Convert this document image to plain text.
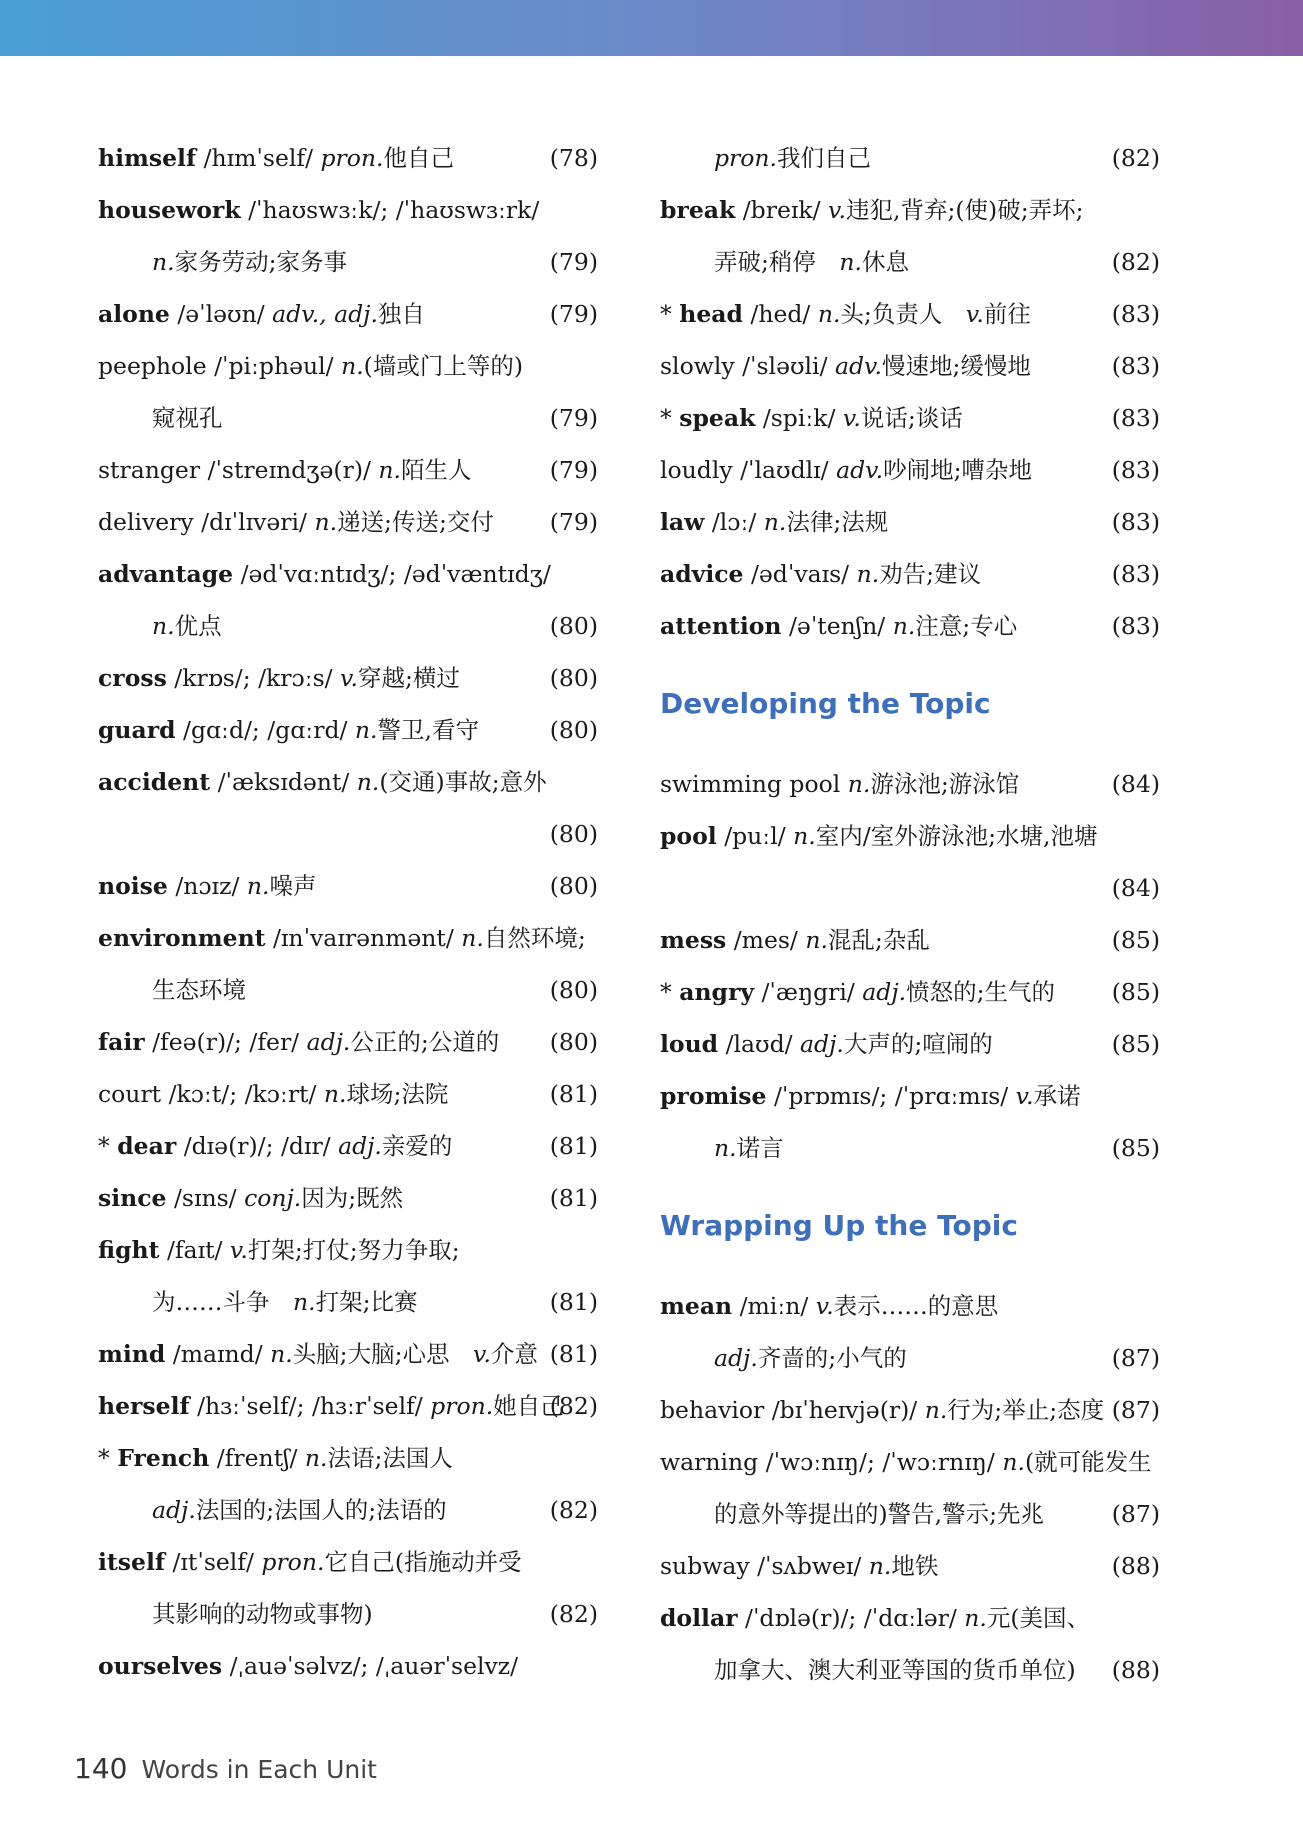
himself /hɪmˈself/ pron.他自己	(78)
housework /ˈhaʊswɜːk/; /ˈhaʊswɜːrk/
n.家务劳动;家务事	(79)
alone /əˈləʊn/ adv., adj.独自	(79)
peephole /ˈpiːphəul/ n.(墙或门上等的)
窥视孔	(79)
stranger /ˈstreɪndʒə(r)/ n.陌生人	(79)
delivery /dɪˈlɪvəri/ n.递送;传送;交付 (79)
advantage /ədˈvɑːntɪdʒ/; /ədˈvæntɪdʒ/
n.优点	(80)
cross /krɒs/; /krɔːs/ v.穿越;横过	(80)
guard /gɑːd/; /gɑːrd/ n.警卫,看守	(80)
accident /ˈæksɪdənt/ n.(交通)事故;意外
(80)
noise /nɔɪz/ n.噪声	(80)
environment /ɪnˈvaɪrənmənt/ n.自然环境;
生态环境	(80)
fair /feə(r)/; /fer/ adj.公正的;公道的 (80)
court /kɔːt/; /kɔːrt/ n.球场;法院	(81)
* dear /dɪə(r)/; /dɪr/ adj.亲爱的	(81)
since /sɪns/ conj.因为;既然	(81)
fight /faɪt/ v.打架;打仗;努力争取;
为……斗争  n.打架;比赛	(81)
mind /maɪnd/ n.头脑;大脑;心思  v.介意 (81)
herself /hɜːˈself/; /hɜːrˈself/ pron.她自己
(82)
* French /frentʃ/ n.法语;法国人
adj.法国的;法国人的;法语的	(82)
itself /ɪtˈself/ pron.它自己(指施动并受
其影响的动物或事物)	(82)
ourselves /ˌauəˈsəlvz/; /ˌauərˈselvz/
pron.我们自己	(82)
break /breɪk/ v.违犯,背弃;(使)破;弄坏;
弄破;稍停  n.休息	(82)
* head /hed/ n.头;负责人  v.前往	(83)
slowly /ˈsləʊli/ adv.慢速地;缓慢地	(83)
* speak /spiːk/ v.说话;谈话	(83)
loudly /ˈlaʊdlɪ/ adv.吵闹地;嘈杂地	(83)
law /lɔː/ n.法律;法规	(83)
advice /ədˈvaɪs/ n.劝告;建议	(83)
attention /əˈtenʃn/ n.注意;专心	(83)
Developing the Topic
swimming pool n.游泳池;游泳馆	(84)
pool /puːl/ n.室内/室外游泳池;水塘,池塘
(84)
mess /mes/ n.混乱;杂乱	(85)
* angry /ˈæŋgri/ adj.愤怒的;生气的 (85)
loud /laʊd/ adj.大声的;喧闹的	(85)
promise /ˈprɒmɪs/; /ˈprɑːmɪs/ v.承诺
n.诺言	(85)
Wrapping Up the Topic
mean /miːn/ v.表示……的意思
adj.齐啬的;小气的	(87)
behavior /bɪˈheɪvjə(r)/ n.行为;举止;态度 (87)
warning /ˈwɔːnɪŋ/; /ˈwɔːrnɪŋ/ n.(就可能发生
的意外等提出的)警告,警示;先兆	(87)
subway /ˈsʌbweɪ/ n.地铁	(88)
dollar /ˈdɒlə(r)/; /ˈdɑːlər/ n.元(美国、
加拿大、澳大利亚等国的货币单位) (88)
140 Words in Each Unit
